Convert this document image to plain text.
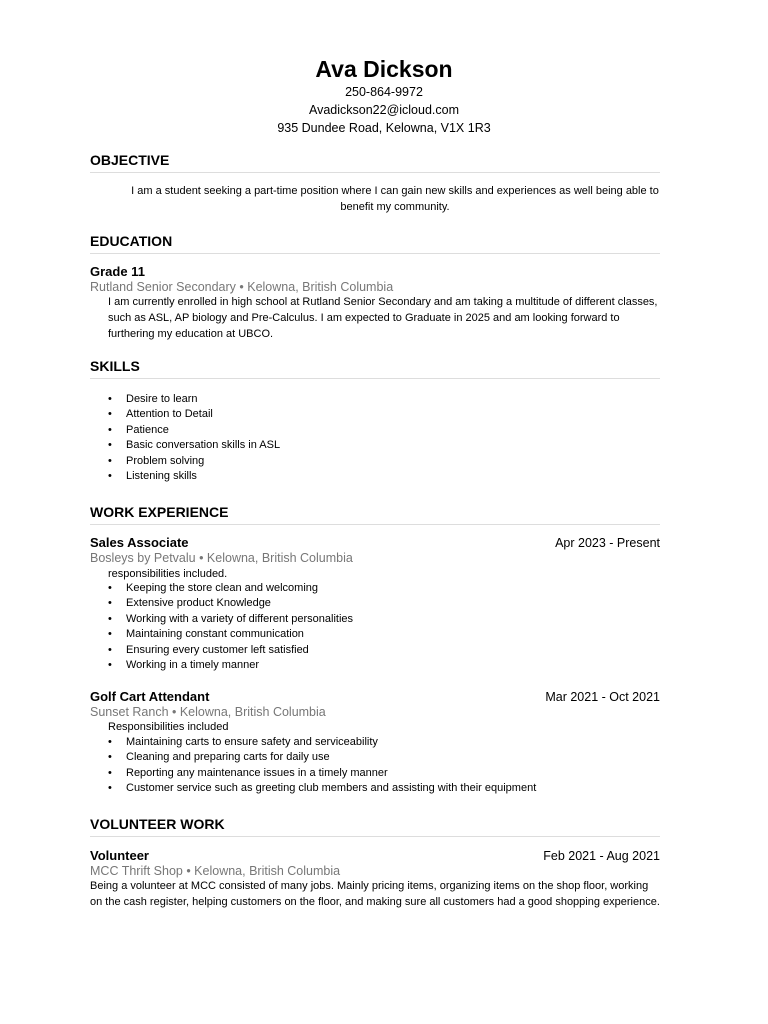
Ava Dickson
250-864-9972
Avadickson22@icloud.com
935 Dundee Road, Kelowna, V1X 1R3
OBJECTIVE
I am a student seeking a part-time position where I can gain new skills and experiences as well being able to
benefit my community.
EDUCATION
Grade 11
Rutland Senior Secondary • Kelowna, British Columbia
I am currently enrolled in high school at Rutland Senior Secondary and am taking a multitude of different classes,
such as ASL, AP biology and Pre-Calculus. I am expected to Graduate in 2025 and am looking forward to
furthering my education at UBCO.
SKILLS
• Desire to learn
• Attention to Detail
• Patience
• Basic conversation skills in ASL
• Problem solving
• Listening skills
WORK EXPERIENCE
Sales Associate	Apr 2023 - Present
Bosleys by Petvalu • Kelowna, British Columbia
responsibilities included.
• Keeping the store clean and welcoming
• Extensive product Knowledge
• Working with a variety of different personalities
• Maintaining constant communication
• Ensuring every customer left satisfied
• Working in a timely manner
Golf Cart Attendant	Mar 2021 - Oct 2021
Sunset Ranch • Kelowna, British Columbia
Responsibilities included
• Maintaining carts to ensure safety and serviceability
• Cleaning and preparing carts for daily use
• Reporting any maintenance issues in a timely manner
• Customer service such as greeting club members and assisting with their equipment
VOLUNTEER WORK
Volunteer	Feb 2021 - Aug 2021
MCC Thrift Shop • Kelowna, British Columbia
Being a volunteer at MCC consisted of many jobs. Mainly pricing items, organizing items on the shop floor, working
on the cash register, helping customers on the floor, and making sure all customers had a good shopping experience.
